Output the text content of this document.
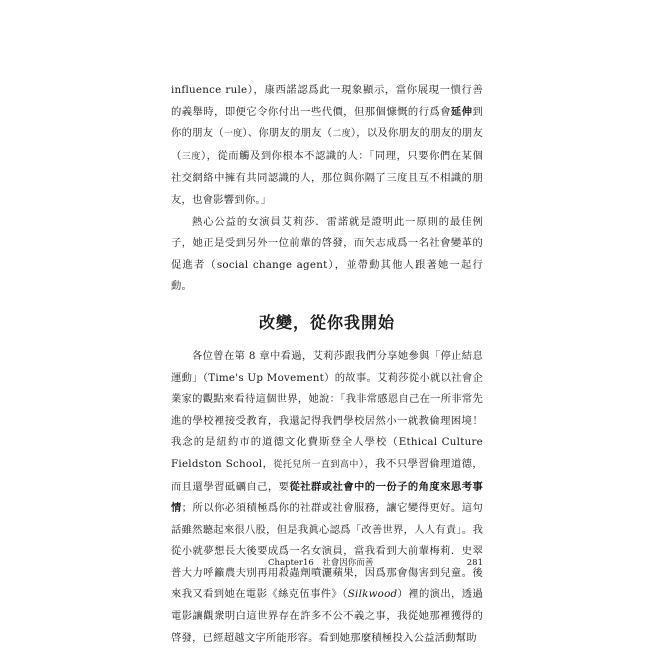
influence rule），康西諾認爲此一現象顯示，當你展現一憒行善的義舉時，即便它令你付出一些代價，但那個慷慨的行爲會延伸到你的朋友（一度）、你朋友的朋友（二度），以及你朋友的朋友的朋友（三度），從而觸及到你根本不認識的人：「同理，只要你們在某個社交網絡中擁有共同認識的人，那位與你隔了三度且互不相識的朋友，也會影響到你。」

熱心公益的女演員艾莉莎．雷諾就是證明此一原則的最佳例子，她正是受到另外一位前輩的啓發，而矢志成爲一名社會變革的促進者（social change agent），並帶動其他人跟著她一起行動。

改變，從你我開始

各位曾在第 8 章中看過，艾莉莎跟我們分享她參與「停止結息運動」（Time's Up Movement）的故事。艾莉莎從小就以社會企業家的觀點來看待這個世界，她說：「我非常感恩自己在一所非常先進的學校裡接受教育，我還記得我們學校居然小一就教倫理困境！我念的是紐約市的道德文化費斯登全人學校（Ethical Culture Fieldston School，從托兒所一直到高中），我不只學習倫理道德，而且還學習砥礪自己，要從社群或社會中的一份子的角度來思考事情；所以你必須積極爲你的社群或社會服務，讓它變得更好。這句話雖然聽起來很八股，但是我眞心認爲「改善世界，人人有責」。我從小就夢想長大後要成爲一名女演員，當我看到大前輩梅莉．史翠普大力呼籲農夫別再用殺蟲劑噴灑蘋果，因爲那會傷害到兒童。後來我又看到她在電影《絲克伍事件》（Silkwood）裡的演出，透過電影讓觀衆明白這世界存在許多不公不義之事，我從她那裡獲得的啓發，已經超越文字所能形容。看到她那麼積極投入公益活動幫助

Chapter16　社會因你而善	281
